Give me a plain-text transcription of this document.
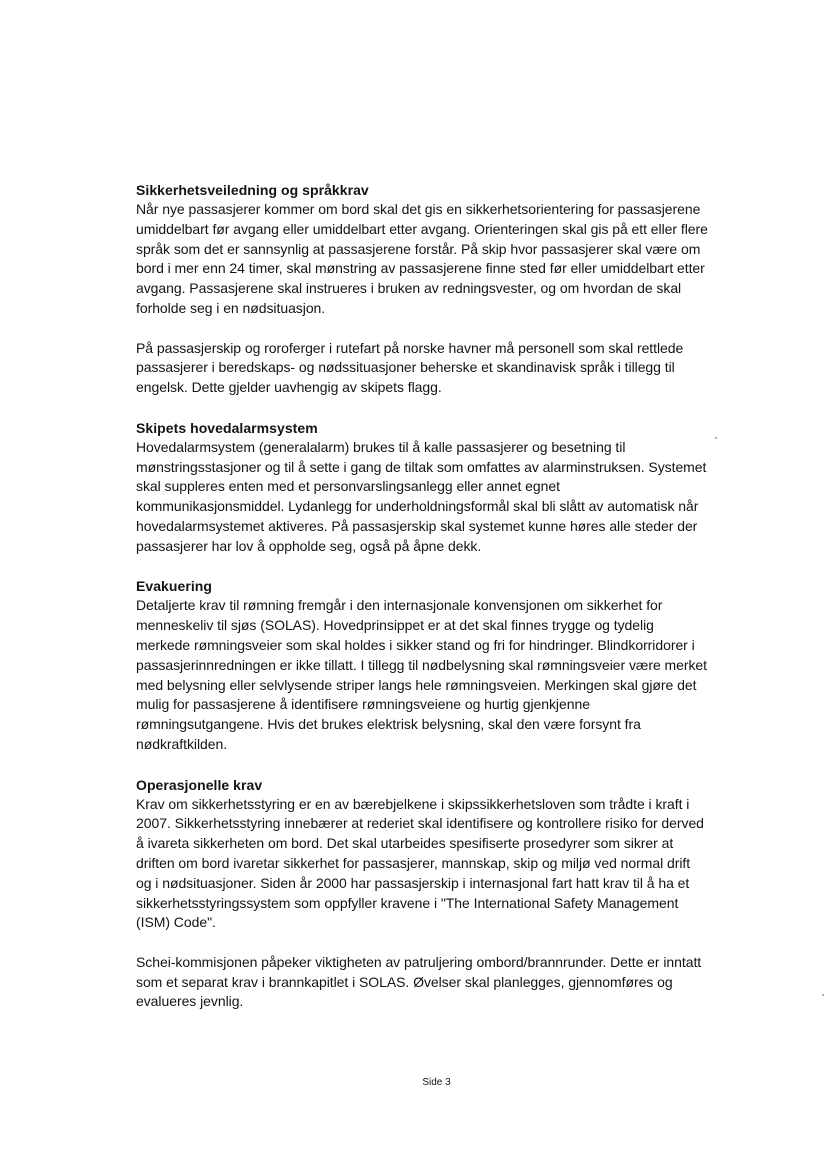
Sikkerhetsveiledning og språkkrav
Når nye passasjerer kommer om bord skal det gis en sikkerhetsorientering for passasjerene
umiddelbart før avgang eller umiddelbart etter avgang. Orienteringen skal gis på ett eller flere
språk som det er sannsynlig at passasjerene forstår. På skip hvor passasjerer skal være om
bord i mer enn 24 timer, skal mønstring av passasjerene finne sted før eller umiddelbart etter
avgang. Passasjerene skal instrueres i bruken av redningsvester, og om hvordan de skal
forholde seg i en nødsituasjon.
På passasjerskip og roroferger i rutefart på norske havner må personell som skal rettlede
passasjerer i beredskaps- og nødssituasjoner beherske et skandinavisk språk i tillegg til
engelsk. Dette gjelder uavhengig av skipets flagg.
Skipets hovedalarmsystem
Hovedalarmsystem (generalalarm) brukes til å kalle passasjerer og besetning til
mønstringsstasjoner og til å sette i gang de tiltak som omfattes av alarminstruksen. Systemet
skal suppleres enten med et personvarslingsanlegg eller annet egnet
kommunikasjonsmiddel. Lydanlegg for underholdningsformål skal bli slått av automatisk når
hovedalarmsystemet aktiveres. På passasjerskip skal systemet kunne høres alle steder der
passasjerer har lov å oppholde seg, også på åpne dekk.
Evakuering
Detaljerte krav til rømning fremgår i den internasjonale konvensjonen om sikkerhet for
menneskeliv til sjøs (SOLAS). Hovedprinsippet er at det skal finnes trygge og tydelig
merkede rømningsveier som skal holdes i sikker stand og fri for hindringer. Blindkorridorer i
passasjerinnredningen er ikke tillatt. I tillegg til nødbelysning skal rømningsveier være merket
med belysning eller selvlysende striper langs hele rømningsveien. Merkingen skal gjøre det
mulig for passasjerene å identifisere rømningsveiene og hurtig gjenkjenne
rømningsutgangene. Hvis det brukes elektrisk belysning, skal den være forsynt fra
nødkraftkilden.
Operasjonelle krav
Krav om sikkerhetsstyring er en av bærebjelkene i skipssikkerhetsloven som trådte i kraft i
2007. Sikkerhetsstyring innebærer at rederiet skal identifisere og kontrollere risiko for derved
å ivareta sikkerheten om bord. Det skal utarbeides spesifiserte prosedyrer som sikrer at
driften om bord ivaretar sikkerhet for passasjerer, mannskap, skip og miljø ved normal drift
og i nødsituasjoner. Siden år 2000 har passasjerskip i internasjonal fart hatt krav til å ha et
sikkerhetsstyringssystem som oppfyller kravene i "The International Safety Management
(ISM) Code".
Schei-kommisjonen påpeker viktigheten av patruljering ombord/brannrunder. Dette er inntatt
som et separat krav i brannkapitlet i SOLAS. Øvelser skal planlegges, gjennomføres og
evalueres jevnlig.
Side 3
